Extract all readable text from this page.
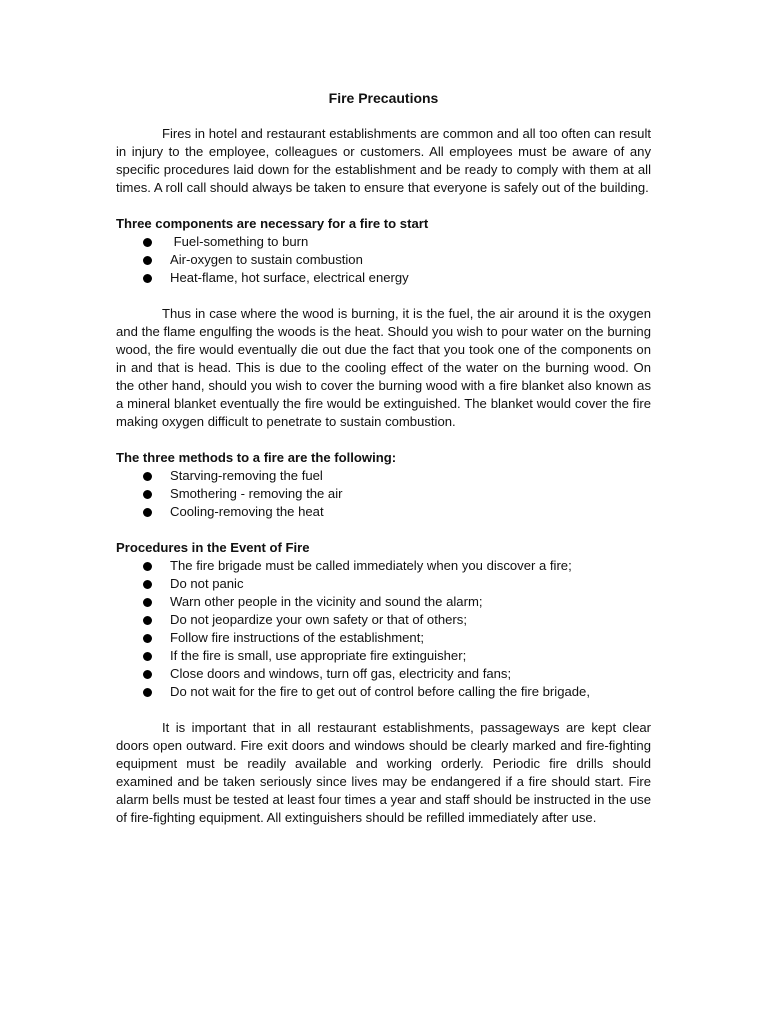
Fire Precautions

Fires in hotel and restaurant establishments are common and all too often can result in injury to the employee, colleagues or customers. All employees must be aware of any specific procedures laid down for the establishment and be ready to comply with them at all times. A roll call should always be taken to ensure that everyone is safely out of the building.

Three components are necessary for a fire to start

Fuel-something to burn
Air-oxygen to sustain combustion
Heat-flame, hot surface, electrical energy

Thus in case where the wood is burning, it is the fuel, the air around it is the oxygen and the flame engulfing the woods is the heat. Should you wish to pour water on the burning wood, the fire would eventually die out due the fact that you took one of the components on in and that is head. This is due to the cooling effect of the water on the burning wood. On the other hand, should you wish to cover the burning wood with a fire blanket also known as a mineral blanket eventually the fire would be extinguished. The blanket would cover the fire making oxygen difficult to penetrate to sustain combustion.

The three methods to a fire are the following:

Starving-removing the fuel
Smothering - removing the air
Cooling-removing the heat

Procedures in the Event of Fire

The fire brigade must be called immediately when you discover a fire;
Do not panic
Warn other people in the vicinity and sound the alarm;
Do not jeopardize your own safety or that of others;
Follow fire instructions of the establishment;
If the fire is small, use appropriate fire extinguisher;
Close doors and windows, turn off gas, electricity and fans;
Do not wait for the fire to get out of control before calling the fire brigade,

It is important that in all restaurant establishments, passageways are kept clear doors open outward. Fire exit doors and windows should be clearly marked and fire-fighting equipment must be readily available and working orderly. Periodic fire drills should examined and be taken seriously since lives may be endangered if a fire should start. Fire alarm bells must be tested at least four times a year and staff should be instructed in the use of fire-fighting equipment. All extinguishers should be refilled immediately after use.
